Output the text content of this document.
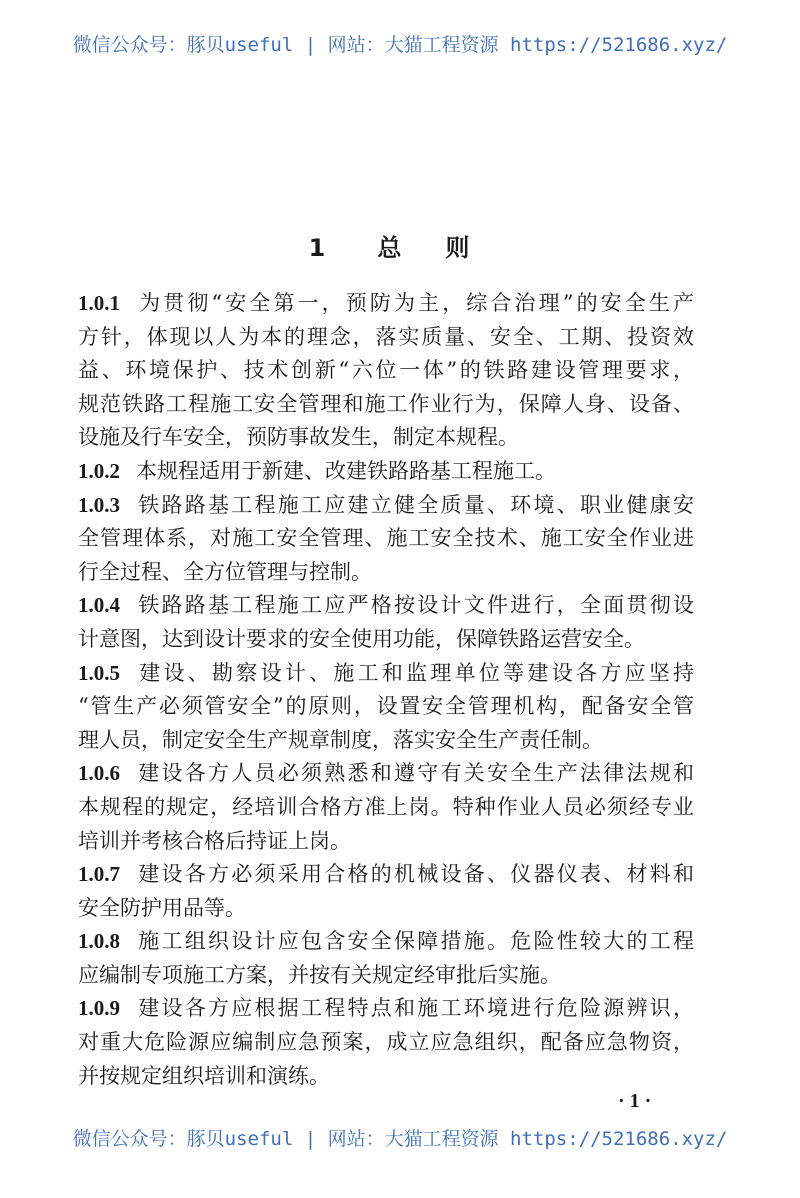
微信公众号：豚贝useful | 网站：大猫工程资源 https://521686.xyz/
1 总 则
1.0.1 为贯彻“安全第一，预防为主，综合治理”的安全生产
方针，体现以人为本的理念，落实质量、安全、工期、投资效
益、环境保护、技术创新“六位一体”的铁路建设管理要求，
规范铁路工程施工安全管理和施工作业行为，保障人身、设备、
设施及行车安全，预防事故发生，制定本规程。
1.0.2 本规程适用于新建、改建铁路路基工程施工。
1.0.3 铁路路基工程施工应建立健全质量、环境、职业健康安
全管理体系，对施工安全管理、施工安全技术、施工安全作业进
行全过程、全方位管理与控制。
1.0.4 铁路路基工程施工应严格按设计文件进行，全面贯彻设
计意图，达到设计要求的安全使用功能，保障铁路运营安全。
1.0.5 建设、勘察设计、施工和监理单位等建设各方应坚持
“管生产必须管安全”的原则，设置安全管理机构，配备安全管
理人员，制定安全生产规章制度，落实安全生产责任制。
1.0.6 建设各方人员必须熟悉和遵守有关安全生产法律法规和
本规程的规定，经培训合格方准上岗。特种作业人员必须经专业
培训并考核合格后持证上岗。
1.0.7 建设各方必须采用合格的机械设备、仪器仪表、材料和
安全防护用品等。
1.0.8 施工组织设计应包含安全保障措施。危险性较大的工程
应编制专项施工方案，并按有关规定经审批后实施。
1.0.9 建设各方应根据工程特点和施工环境进行危险源辨识，
对重大危险源应编制应急预案，成立应急组织，配备应急物资，
并按规定组织培训和演练。
· 1 ·
微信公众号：豚贝useful | 网站：大猫工程资源 https://521686.xyz/
